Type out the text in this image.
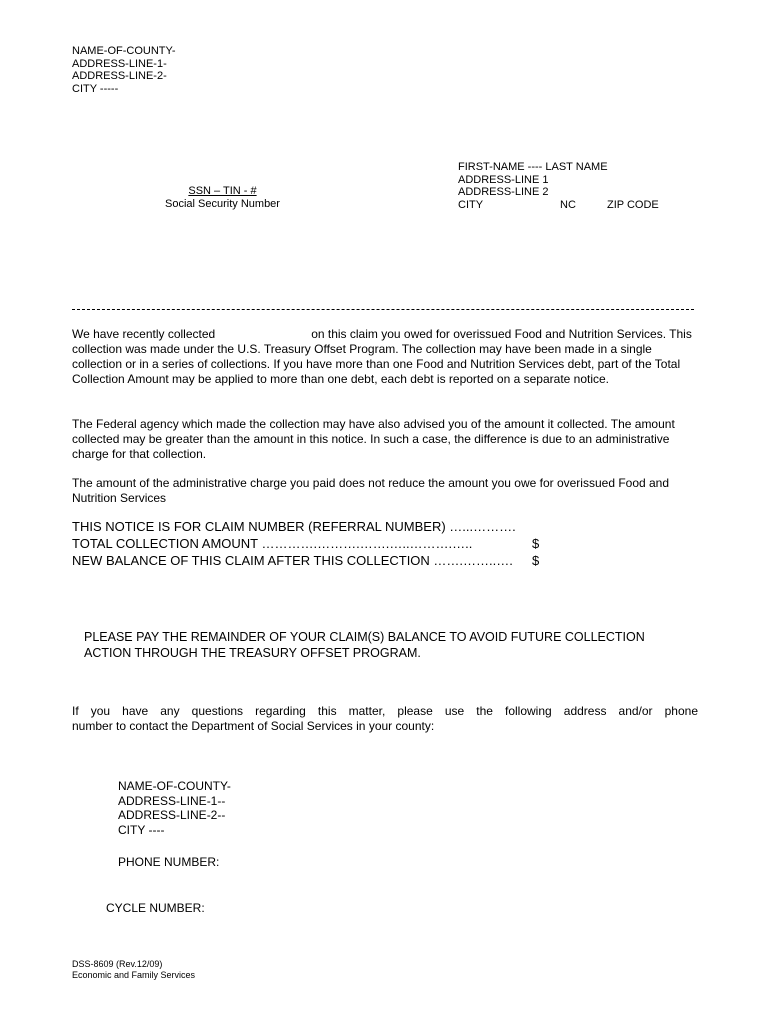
NAME-OF-COUNTY-
ADDRESS-LINE-1-
ADDRESS-LINE-2-
CITY -----
SSN – TIN - #
Social Security Number
FIRST-NAME ---- LAST NAME
ADDRESS-LINE 1
ADDRESS-LINE 2
CITY	NC	ZIP CODE
We have recently collected	on this claim you owed for overissued Food and Nutrition Services. This collection was made under the U.S. Treasury Offset Program. The collection may have been made in a single collection or in a series of collections. If you have more than one Food and Nutrition Services debt, part of the Total Collection Amount may be applied to more than one debt, each debt is reported on a separate notice.
The Federal agency which made the collection may have also advised you of the amount it collected. The amount collected may be greater than the amount in this notice. In such a case, the difference is due to an administrative charge for that collection.
The amount of the administrative charge you paid does not reduce the amount you owe for overissued Food and Nutrition Services
THIS NOTICE IS FOR CLAIM NUMBER (REFERRAL NUMBER) …...……….
TOTAL COLLECTION AMOUNT ………….……….…….…..……….…..	$
NEW BALANCE OF THIS CLAIM AFTER THIS COLLECTION …….……..…. $
PLEASE PAY THE REMAINDER OF YOUR CLAIM(S) BALANCE TO AVOID FUTURE COLLECTION ACTION THROUGH THE TREASURY OFFSET PROGRAM.
If you have any questions regarding this matter, please use the following address and/or phone
number to contact the Department of Social Services in your county:
NAME-OF-COUNTY-
ADDRESS-LINE-1--
ADDRESS-LINE-2--
CITY ----
PHONE NUMBER:
CYCLE NUMBER:
DSS-8609 (Rev.12/09)
Economic and Family Services
